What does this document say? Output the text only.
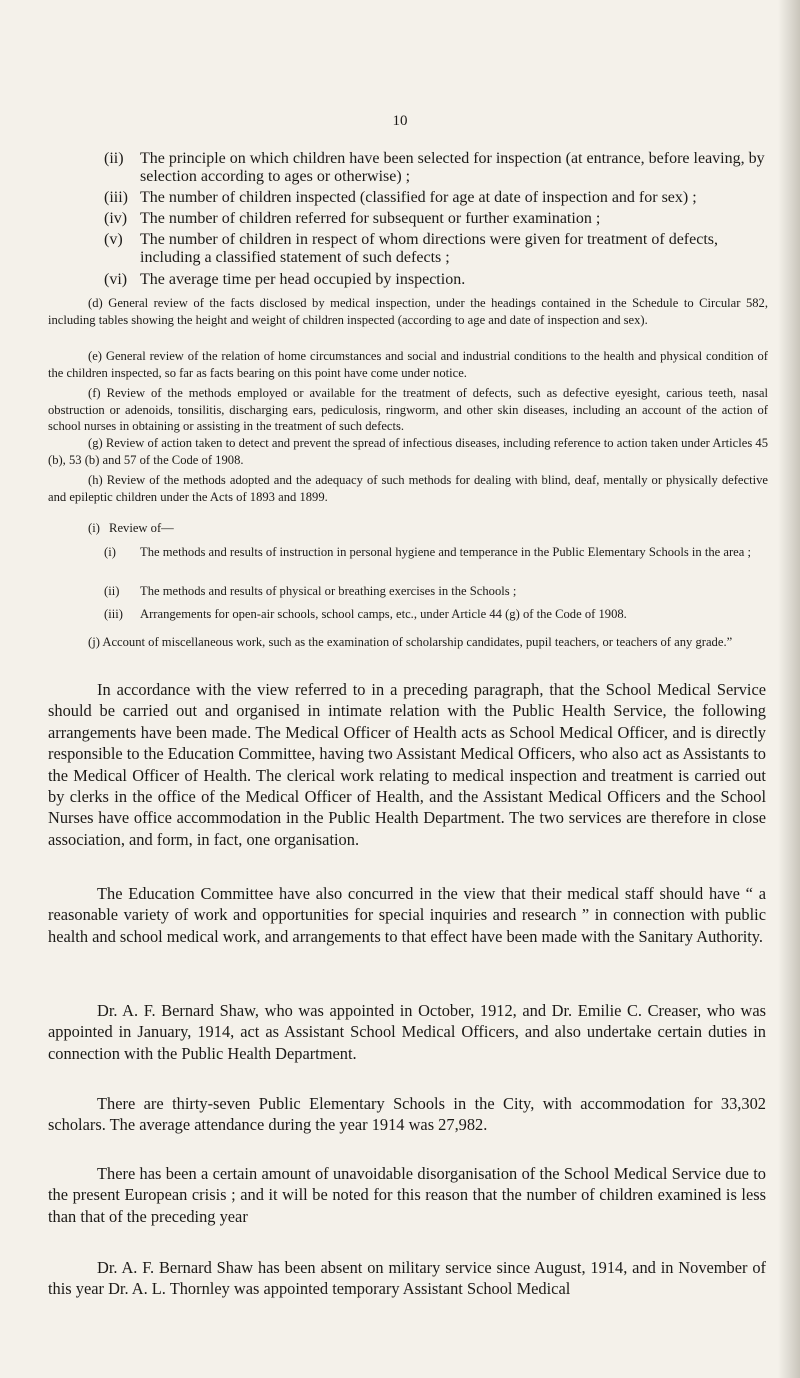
10
(ii)	The principle on which children have been selected for inspection (at entrance, before leaving, by selection according to ages or otherwise) ;
(iii) The number of children inspected (classified for age at date of inspection and for sex) ;
(iv) The number of children referred for subsequent or further examination ;
(v)	The number of children in respect of whom directions were given for treatment of defects, including a classified statement of such defects ;
(vi) The average time per head occupied by inspection.
(d) General review of the facts disclosed by medical inspection, under the headings contained in the Schedule to Circular 582, including tables showing the height and weight of children inspected (according to age and date of inspection and sex).
(e) General review of the relation of home circumstances and social and industrial conditions to the health and physical condition of the children inspected, so far as facts bearing on this point have come under notice.
(f) Review of the methods employed or available for the treatment of defects, such as defective eyesight, carious teeth, nasal obstruction or adenoids, tonsilitis, discharging ears, pediculosis, ringworm, and other skin diseases, including an account of the action of school nurses in obtaining or assisting in the treatment of such defects.
(g) Review of action taken to detect and prevent the spread of infectious diseases, including reference to action taken under Articles 45 (b), 53 (b) and 57 of the Code of 1908.
(h) Review of the methods adopted and the adequacy of such methods for dealing with blind, deaf, mentally or physically defective and epileptic children under the Acts of 1893 and 1899.
(i) Review of—
(i)	The methods and results of instruction in personal hygiene and temperance in the Public Elementary Schools in the area ;
(ii)	The methods and results of physical or breathing exercises in the Schools ;
(iii)	Arrangements for open-air schools, school camps, etc., under Article 44 (g) of the Code of 1908.
(j) Account of miscellaneous work, such as the examination of scholarship candidates, pupil teachers, or teachers of any grade.”
In accordance with the view referred to in a preceding paragraph, that the School Medical Service should be carried out and organised in intimate relation with the Public Health Service, the following arrangements have been made. The Medical Officer of Health acts as School Medical Officer, and is directly responsible to the Education Committee, having two Assistant Medical Officers, who also act as Assistants to the Medical Officer of Health. The clerical work relating to medical inspection and treatment is carried out by clerks in the office of the Medical Officer of Health, and the Assistant Medical Officers and the School Nurses have office accommodation in the Public Health Department. The two services are therefore in close association, and form, in fact, one organisation.
The Education Committee have also concurred in the view that their medical staff should have “ a reasonable variety of work and opportunities for special inquiries and research ” in connection with public health and school medical work, and arrangements to that effect have been made with the Sanitary Authority.
Dr. A. F. Bernard Shaw, who was appointed in October, 1912, and Dr. Emilie C. Creaser, who was appointed in January, 1914, act as Assistant School Medical Officers, and also undertake certain duties in connection with the Public Health Department.
There are thirty-seven Public Elementary Schools in the City, with accommodation for 33,302 scholars. The average attendance during the year 1914 was 27,982.
There has been a certain amount of unavoidable disorganisation of the School Medical Service due to the present European crisis ; and it will be noted for this reason that the number of children examined is less than that of the preceding year
Dr. A. F. Bernard Shaw has been absent on military service since August, 1914, and in November of this year Dr. A. L. Thornley was appointed temporary Assistant School Medical
